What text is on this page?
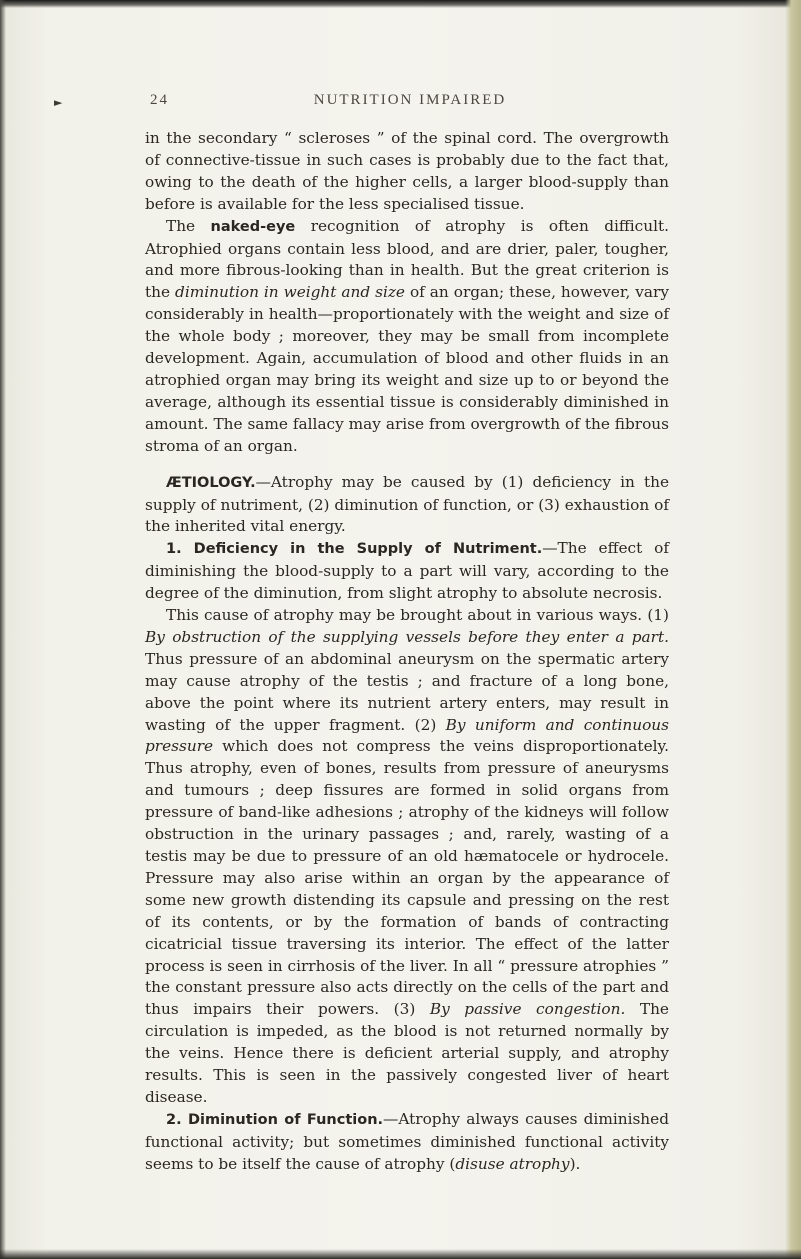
►	24	NUTRITION IMPAIRED

in the secondary “ scleroses ” of the spinal cord. The overgrowth of connective-tissue in such cases is probably due to the fact that, owing to the death of the higher cells, a larger blood-supply than before is available for the less specialised tissue.

The naked-eye recognition of atrophy is often difficult. Atrophied organs contain less blood, and are drier, paler, tougher, and more fibrous-looking than in health. But the great criterion is the diminution in weight and size of an organ; these, however, vary considerably in health—proportionately with the weight and size of the whole body ; moreover, they may be small from incomplete development. Again, accumulation of blood and other fluids in an atrophied organ may bring its weight and size up to or beyond the average, although its essential tissue is considerably diminished in amount. The same fallacy may arise from overgrowth of the fibrous stroma of an organ.

ÆTIOLOGY.—Atrophy may be caused by (1) deficiency in the supply of nutriment, (2) diminution of function, or (3) exhaustion of the inherited vital energy.

1. Deficiency in the Supply of Nutriment.—The effect of diminishing the blood-supply to a part will vary, according to the degree of the diminution, from slight atrophy to absolute necrosis.

This cause of atrophy may be brought about in various ways. (1) By obstruction of the supplying vessels before they enter a part. Thus pressure of an abdominal aneurysm on the spermatic artery may cause atrophy of the testis ; and fracture of a long bone, above the point where its nutrient artery enters, may result in wasting of the upper fragment. (2) By uniform and continuous pressure which does not compress the veins disproportionately. Thus atrophy, even of bones, results from pressure of aneurysms and tumours ; deep fissures are formed in solid organs from pressure of band-like adhesions ; atrophy of the kidneys will follow obstruction in the urinary passages ; and, rarely, wasting of a testis may be due to pressure of an old hæmatocele or hydrocele. Pressure may also arise within an organ by the appearance of some new growth distending its capsule and pressing on the rest of its contents, or by the formation of bands of contracting cicatricial tissue traversing its interior. The effect of the latter process is seen in cirrhosis of the liver. In all “ pressure atrophies ” the constant pressure also acts directly on the cells of the part and thus impairs their powers. (3) By passive congestion. The circulation is impeded, as the blood is not returned normally by the veins. Hence there is deficient arterial supply, and atrophy results. This is seen in the passively congested liver of heart disease.

2. Diminution of Function.—Atrophy always causes diminished functional activity; but sometimes diminished functional activity seems to be itself the cause of atrophy (disuse atrophy).
